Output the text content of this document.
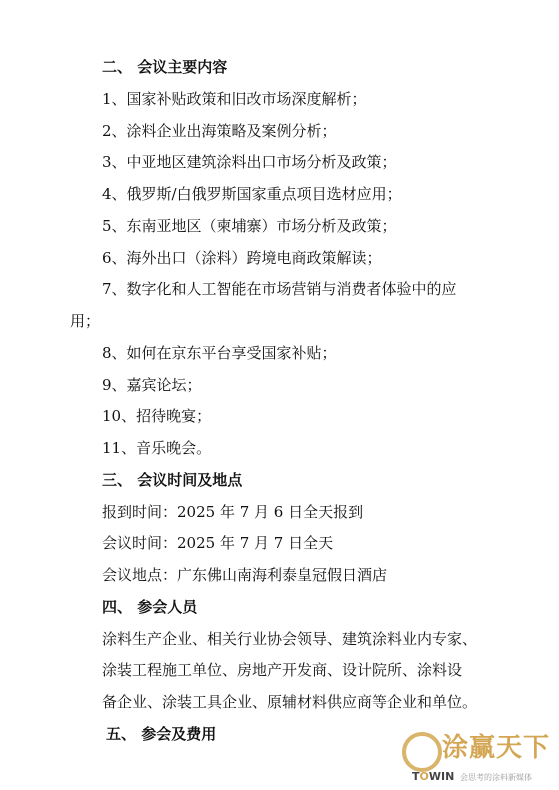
二、 会议主要内容
1、国家补贴政策和旧改市场深度解析；
2、涂料企业出海策略及案例分析；
3、中亚地区建筑涂料出口市场分析及政策；
4、俄罗斯/白俄罗斯国家重点项目选材应用；
5、东南亚地区（柬埔寨）市场分析及政策；
6、海外出口（涂料）跨境电商政策解读；
7、数字化和人工智能在市场营销与消费者体验中的应
用；
8、如何在京东平台享受国家补贴；
9、嘉宾论坛；
10、招待晚宴；
11、音乐晚会。
三、 会议时间及地点
报到时间：2025 年 7 月 6 日全天报到
会议时间：2025 年 7 月 7 日全天
会议地点：广东佛山南海利泰皇冠假日酒店
四、 参会人员
涂料生产企业、相关行业协会领导、建筑涂料业内专家、
涂装工程施工单位、房地产开发商、设计院所、涂料设
备企业、涂装工具企业、原辅材料供应商等企业和单位。
五、 参会及费用	涂赢天下
TOWIN 会思考的涂料新媒体
